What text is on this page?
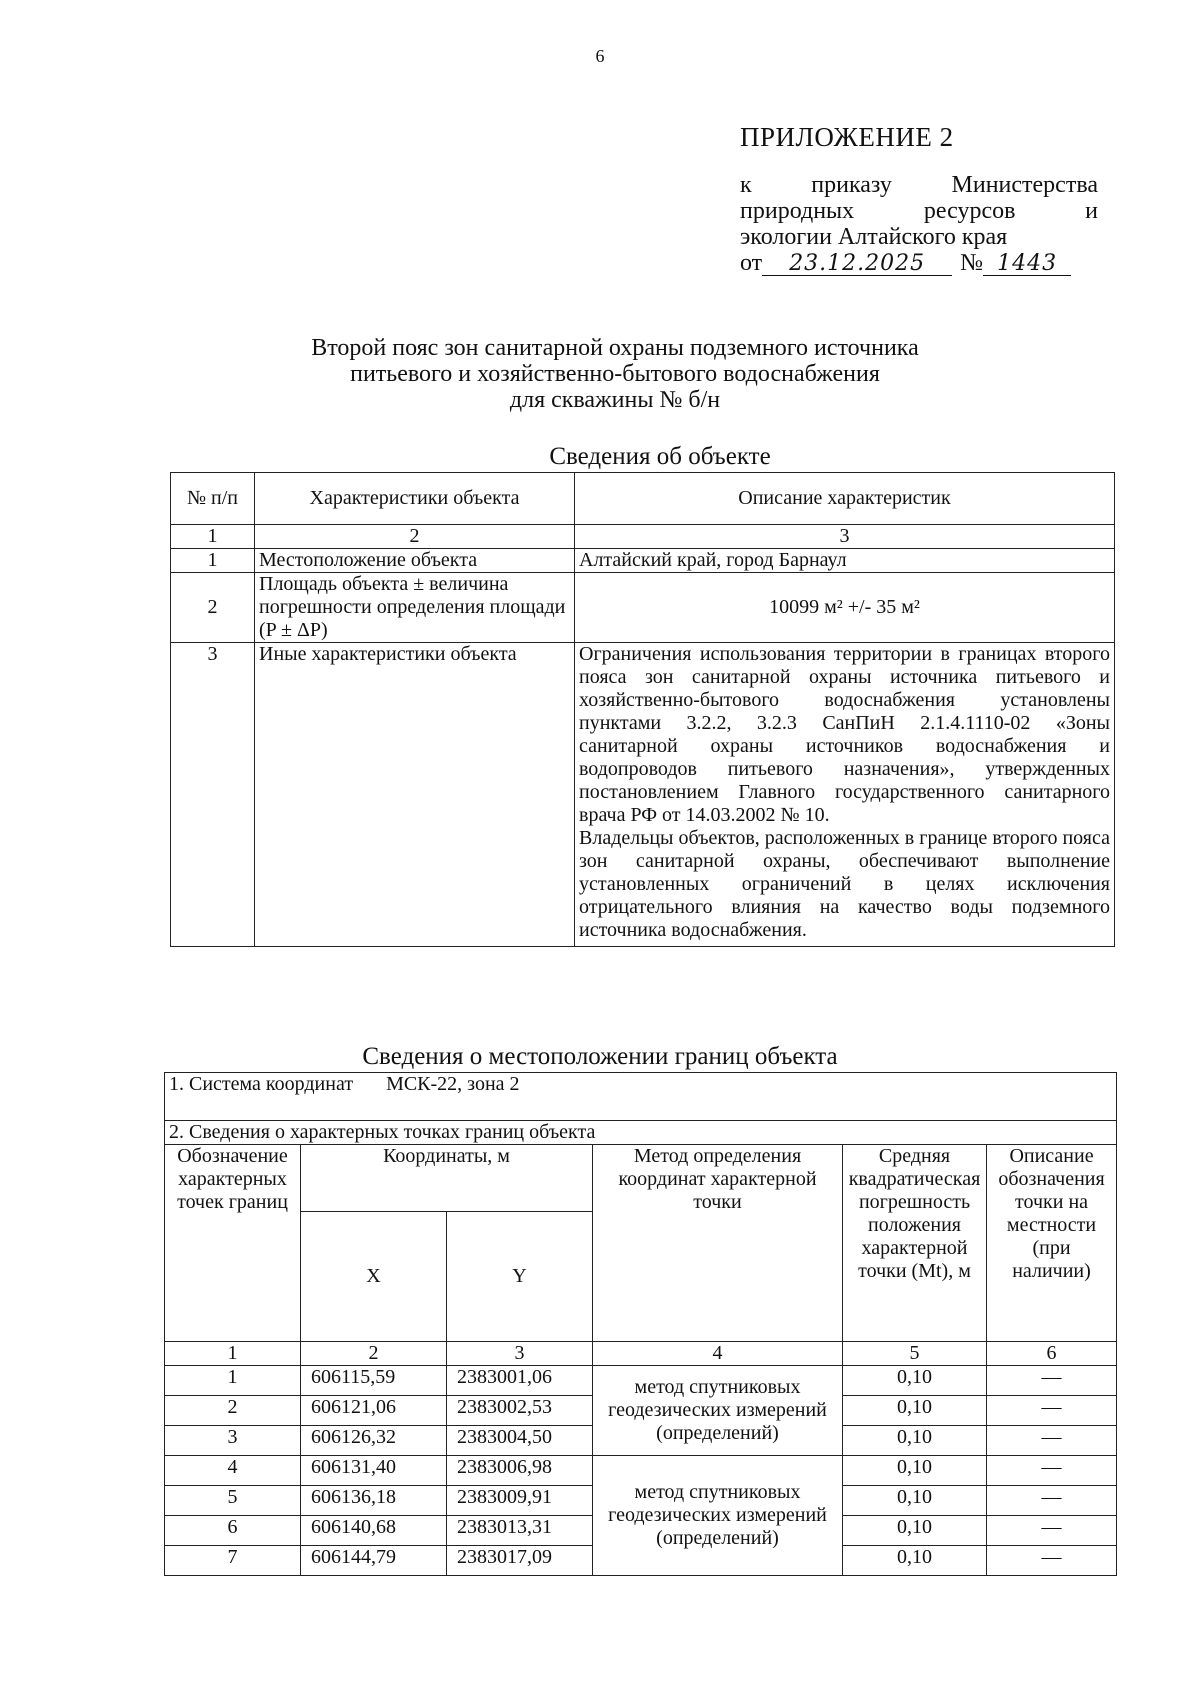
6
ПРИЛОЖЕНИЕ 2
к приказу Министерства
природных	ресурсов	и
экологии Алтайского края
от	23.12.2025	№ 1443
Второй пояс зон санитарной охраны подземного источника
питьевого и хозяйственно-бытового водоснабжения
для скважины № б/н
Сведения об объекте
№ п/п	Характеристики объекта	Описание характеристик
1	2	3
1	Местоположение объекта	Алтайский край, город Барнаул
2	Площадь объекта ± величина погрешности определения площади (P ± ΔP)	10099 м² +/- 35 м²
3	Иные характеристики объекта	Ограничения использования территории в границах второго пояса зон санитарной охраны источника питьевого и хозяйственно-бытового водоснабжения установлены пунктами 3.2.2, 3.2.3 СанПиН 2.1.4.1110-02 «Зоны санитарной охраны источников водоснабжения и водопроводов питьевого назначения», утвержденных постановлением Главного государственного санитарного врача РФ от 14.03.2002 № 10.
Владельцы объектов, расположенных в границе второго пояса зон санитарной охраны, обеспечивают выполнение установленных ограничений в целях исключения отрицательного влияния на качество воды подземного источника водоснабжения.
Сведения о местоположении границ объекта
1. Система координат МСК-22, зона 2					

2. Сведения о характерных точках границ объекта					
Обозначение характерных точек границ	Координаты, м		Метод определения координат характерной точки	Средняя квадратическая погрешность положения характерной точки (Mt), м	Описание обозначения точки на местности (при наличии)
	X	Y			
1	2	3	4	5	6
1	606115,59	2383001,06	метод спутниковых геодезических измерений (определений)	0,10	—
2	606121,06	2383002,53		0,10	—
3	606126,32	2383004,50		0,10	—
4	606131,40	2383006,98	метод спутниковых геодезических измерений (определений)	0,10	—
5	606136,18	2383009,91		0,10	—
6	606140,68	2383013,31		0,10	—
7	606144,79	2383017,09		0,10	—
